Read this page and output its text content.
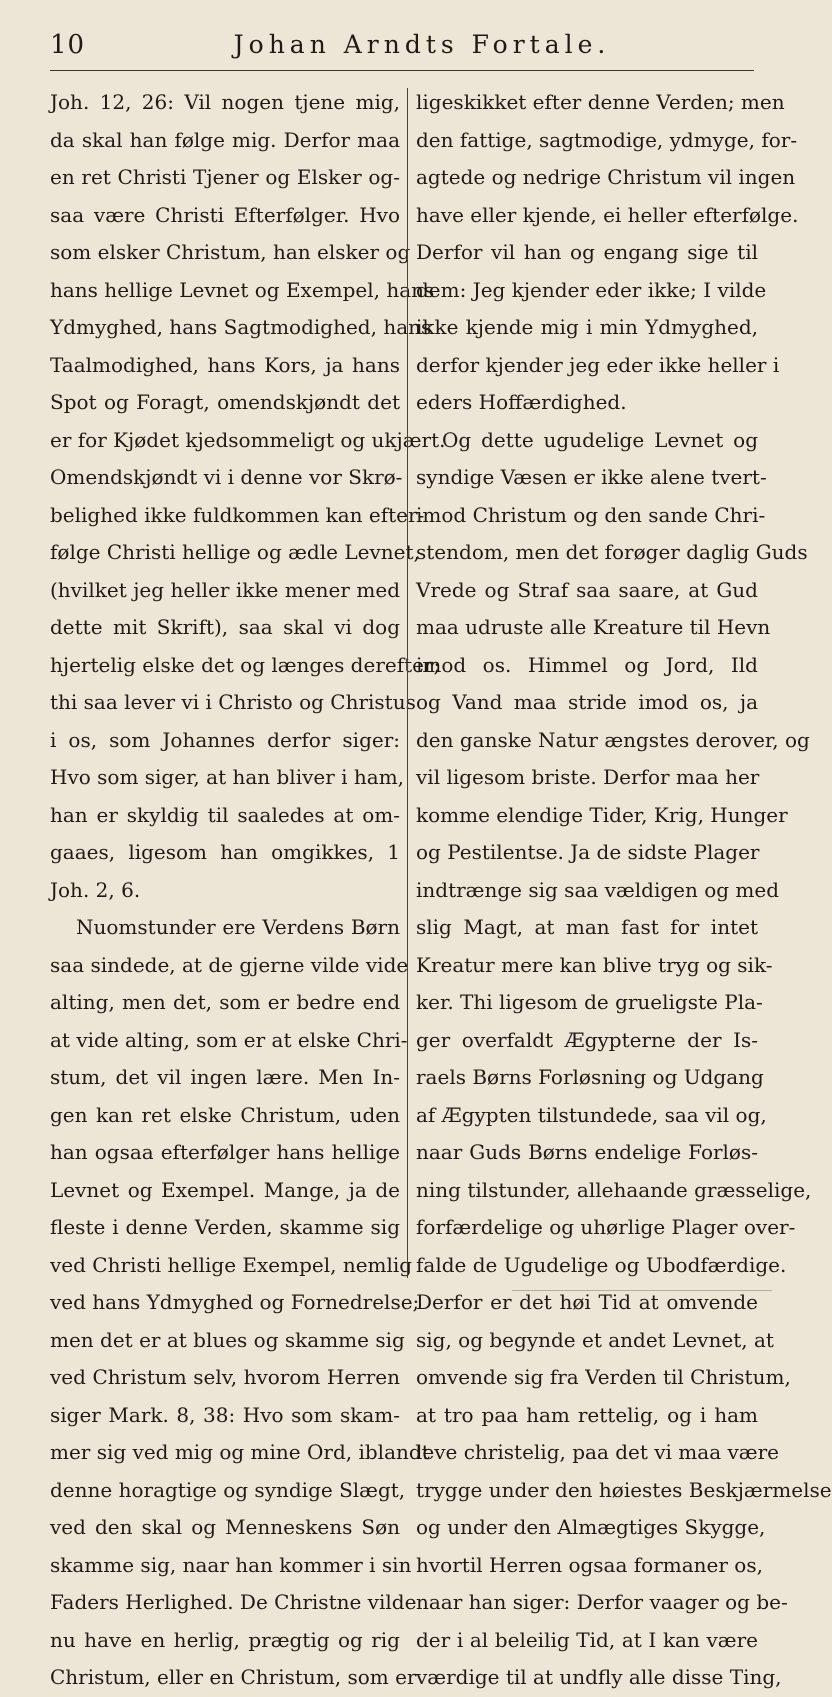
10	Johan Arndts Fortale.
Joh. 12, 26: Vil nogen tjene mig,
da skal han følge mig. Derfor maa
en ret Christi Tjener og Elsker og-
saa være Christi Efterfølger. Hvo
som elsker Christum, han elsker og
hans hellige Levnet og Exempel, hans
Ydmyghed, hans Sagtmodighed, hans
Taalmodighed, hans Kors, ja hans
Spot og Foragt, omendskjøndt det
er for Kjødet kjedsommeligt og ukjært.
Omendskjøndt vi i denne vor Skrø-
belighed ikke fuldkommen kan efter-
følge Christi hellige og ædle Levnet,
(hvilket jeg heller ikke mener med
dette mit Skrift), saa skal vi dog
hjertelig elske det og længes derefter;
thi saa lever vi i Christo og Christus
i os, som Johannes derfor siger:
Hvo som siger, at han bliver i ham,
han er skyldig til saaledes at om-
gaaes, ligesom han omgikkes, 1
Joh. 2, 6.
Nuomstunder ere Verdens Børn
saa sindede, at de gjerne vilde vide
alting, men det, som er bedre end
at vide alting, som er at elske Chri-
stum, det vil ingen lære. Men In-
gen kan ret elske Christum, uden
han ogsaa efterfølger hans hellige
Levnet og Exempel. Mange, ja de
fleste i denne Verden, skamme sig
ved Christi hellige Exempel, nemlig
ved hans Ydmyghed og Fornedrelse;
men det er at blues og skamme sig
ved Christum selv, hvorom Herren
siger Mark. 8, 38: Hvo som skam-
mer sig ved mig og mine Ord, iblandt
denne horagtige og syndige Slægt,
ved den skal og Menneskens Søn
skamme sig, naar han kommer i sin
Faders Herlighed. De Christne vilde
nu have en herlig, prægtig og rig
Christum, eller en Christum, som er
ligeskikket efter denne Verden; men
den fattige, sagtmodige, ydmyge, for-
agtede og nedrige Christum vil ingen
have eller kjende, ei heller efterfølge.
Derfor vil han og engang sige til
dem: Jeg kjender eder ikke; I vilde
ikke kjende mig i min Ydmyghed,
derfor kjender jeg eder ikke heller i
eders Hoffærdighed.
Og dette ugudelige Levnet og
syndige Væsen er ikke alene tvert-
imod Christum og den sande Chri-
stendom, men det forøger daglig Guds
Vrede og Straf saa saare, at Gud
maa udruste alle Kreature til Hevn
imod os. Himmel og Jord, Ild
og Vand maa stride imod os, ja
den ganske Natur ængstes derover, og
vil ligesom briste. Derfor maa her
komme elendige Tider, Krig, Hunger
og Pestilentse. Ja de sidste Plager
indtrænge sig saa vældigen og med
slig Magt, at man fast for intet
Kreatur mere kan blive tryg og sik-
ker. Thi ligesom de grueligste Pla-
ger overfaldt Ægypterne der Is-
raels Børns Forløsning og Udgang
af Ægypten tilstundede, saa vil og,
naar Guds Børns endelige Forløs-
ning tilstunder, allehaande græsselige,
forfærdelige og uhørlige Plager over-
falde de Ugudelige og Ubodfærdige.
Derfor er det høi Tid at omvende
sig, og begynde et andet Levnet, at
omvende sig fra Verden til Christum,
at tro paa ham rettelig, og i ham
leve christelig, paa det vi maa være
trygge under den høiestes Beskjærmelse
og under den Almægtiges Skygge,
hvortil Herren ogsaa formaner os,
naar han siger: Derfor vaager og be-
der i al beleilig Tid, at I kan være
værdige til at undfly alle disse Ting,
